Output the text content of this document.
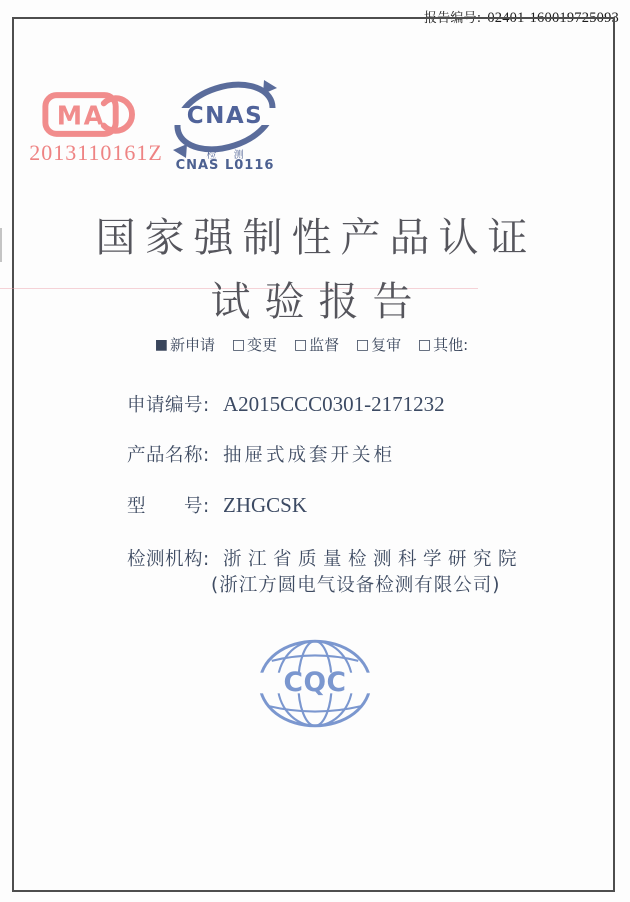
报告编号: 02401-160019725093
MA
2013110161Z
CNAS
检 测
CNAS L0116
国家强制性产品认证
试验报告
■ 新申请 □ 变更 □ 监督 □ 复审 □ 其他:
申请编号: A2015CCC0301-2171232
产品名称: 抽屉式成套开关柜
型　　号: ZHGCSK
检测机构: 浙江省质量检测科学研究院
(浙江方圆电气设备检测有限公司)
CQC
